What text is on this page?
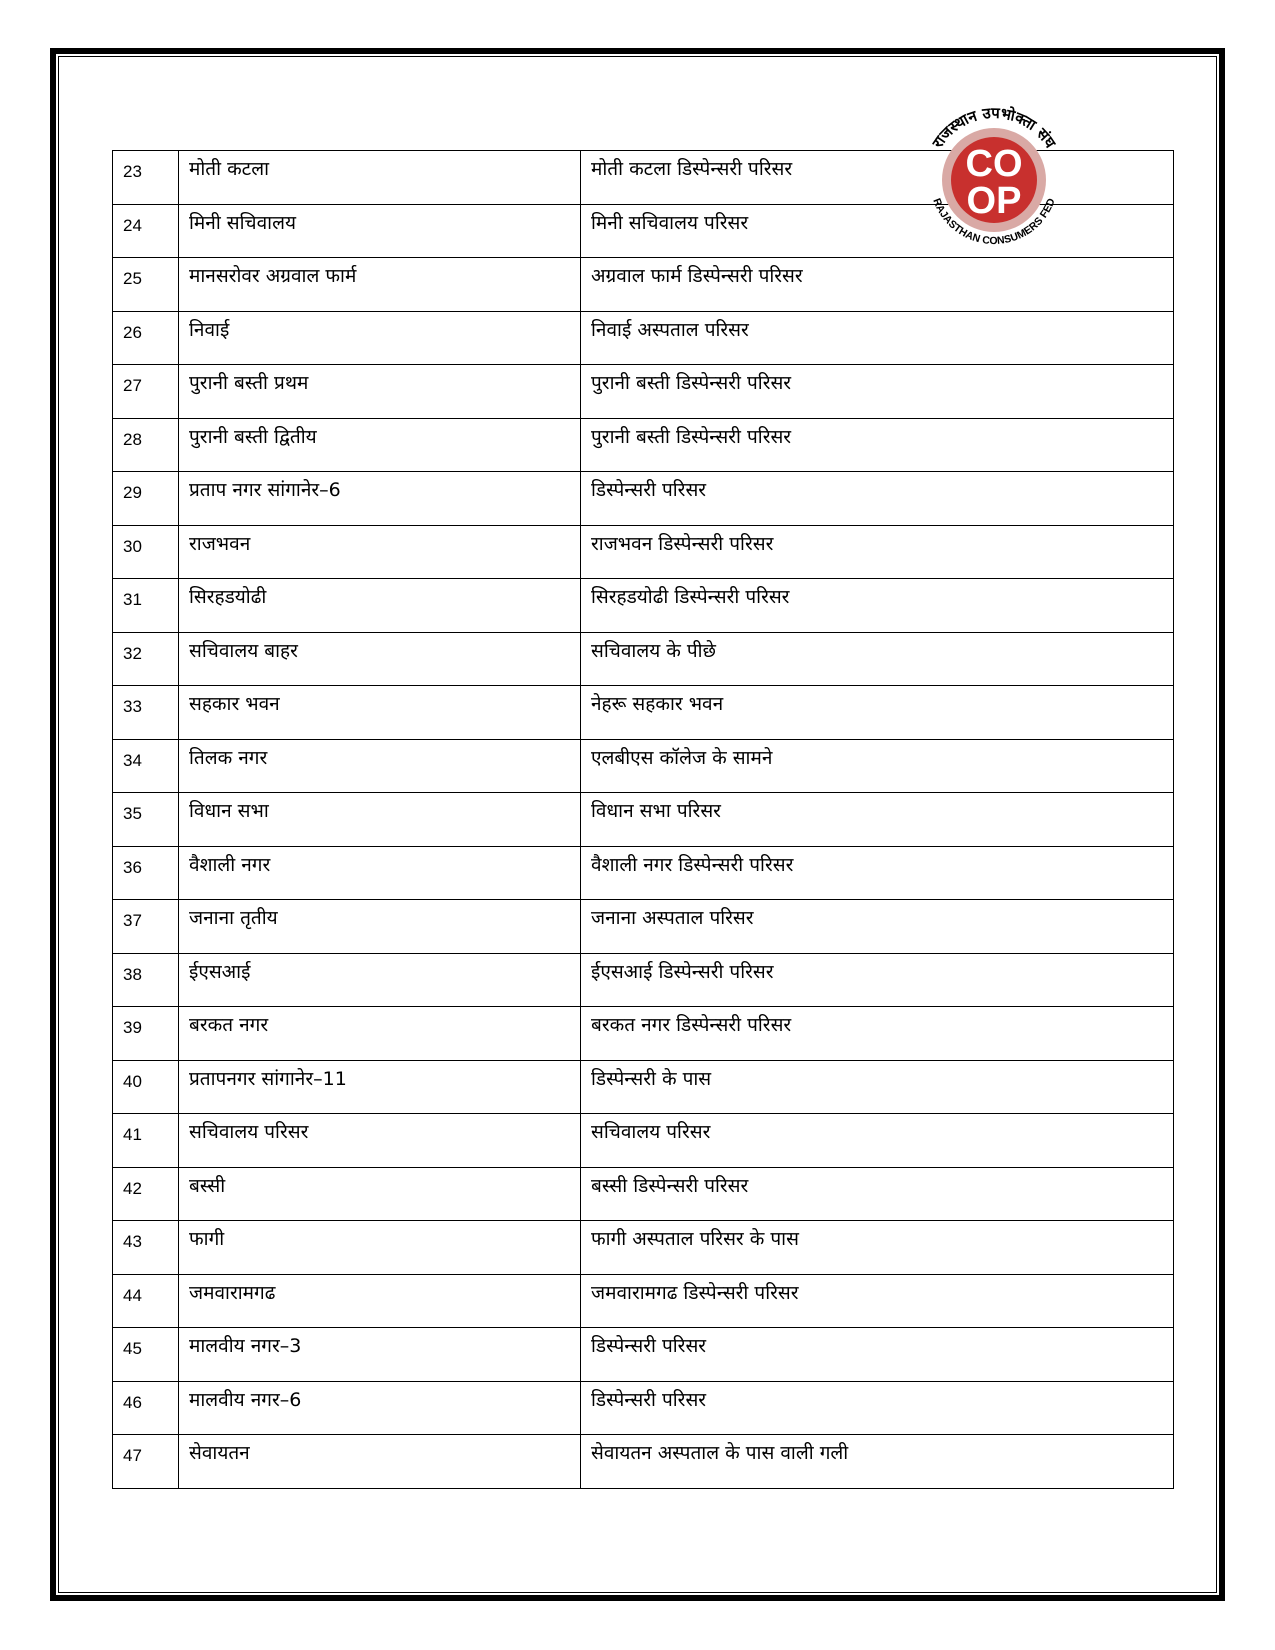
23	मोती कटला	मोती कटला डिस्पेन्सरी परिसर
24	मिनी सचिवालय	मिनी सचिवालय परिसर
25	मानसरोवर अग्रवाल फार्म	अग्रवाल फार्म डिस्पेन्सरी परिसर
26	निवाई	निवाई अस्पताल परिसर
27	पुरानी बस्ती प्रथम	पुरानी बस्ती डिस्पेन्सरी परिसर
28	पुरानी बस्ती द्वितीय	पुरानी बस्ती डिस्पेन्सरी परिसर
29	प्रताप नगर सांगानेर–6	डिस्पेन्सरी परिसर
30	राजभवन	राजभवन डिस्पेन्सरी परिसर
31	सिरहडयोढी	सिरहडयोढी डिस्पेन्सरी परिसर
32	सचिवालय बाहर	सचिवालय के पीछे
33	सहकार भवन	नेहरू सहकार भवन
34	तिलक नगर	एलबीएस कॉलेज के सामने
35	विधान सभा	विधान सभा परिसर
36	वैशाली नगर	वैशाली नगर डिस्पेन्सरी परिसर
37	जनाना तृतीय	जनाना अस्पताल परिसर
38	ईएसआई	ईएसआई डिस्पेन्सरी परिसर
39	बरकत नगर	बरकत नगर डिस्पेन्सरी परिसर
40	प्रतापनगर सांगानेर–11	डिस्पेन्सरी के पास
41	सचिवालय परिसर	सचिवालय परिसर
42	बस्सी	बस्सी डिस्पेन्सरी परिसर
43	फागी	फागी अस्पताल परिसर के पास
44	जमवारामगढ	जमवारामगढ डिस्पेन्सरी परिसर
45	मालवीय नगर–3	डिस्पेन्सरी परिसर
46	मालवीय नगर–6	डिस्पेन्सरी परिसर
47	सेवायतन	सेवायतन अस्पताल के पास वाली गली
राजस्थान उपभोक्ता संघ
RAJASTHAN CONSUMERS FED
CO
OP
